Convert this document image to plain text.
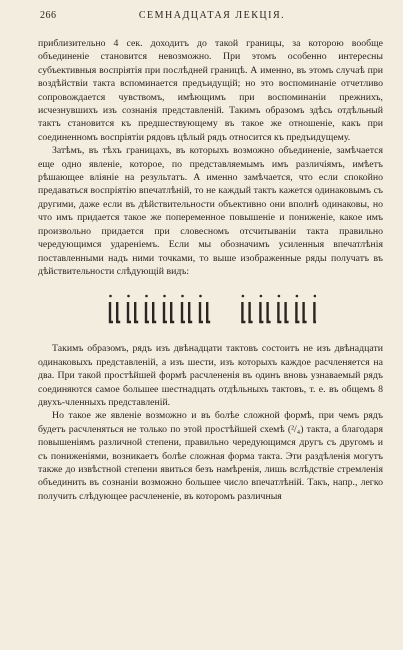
266	СЕМНАДЦАТАЯ ЛЕКЦІЯ.

приблизительно 4 сек. доходитъ до такой границы, за которою вообще объединеніе становится невозможно. При этомъ особенно интересны субъективныя воспріятія при послѣдней границѣ. А именно, въ этомъ случаѣ при воздѣйствіи такта вспоминается предъидущій; но это воспоминаніе отчетливо сопровождается чувствомъ, имѣющимъ при воспоминаніи прежнихъ, исчезнувшихъ изъ сознанія представленій. Такимъ образомъ здѣсь отдѣльный тактъ становится къ предшествующему въ такое же отношеніе, какъ при соединенномъ воспріятіи рядовъ цѣлый рядъ относится къ предъидущему.

Затѣмъ, въ тѣхъ границахъ, въ которыхъ возможно объединеніе, замѣчается еще одно явленіе, которое, по представляемымъ имъ различіямъ, имѣетъ рѣшающее вліяніе на результатъ. А именно замѣчается, что если спокойно предаваться воспріятію впечатлѣній, то не каждый тактъ кажется одинаковымъ съ другими, даже если въ дѣйствительности объективно они вполнѣ одинаковы, но что имъ придается такое же попеременное повышеніе и пониженіе, какое имъ произвольно придается при словесномъ отсчитываніи такта правильно чередующимся удареніемъ. Если мы обозначимъ усиленныя впечатлѣнія поставленными надъ ними точками, то выше изображенные ряды получатъ въ дѣйствительности слѣдующій видъ:

Такимъ образомъ, рядъ изъ двѣнадцати тактовъ состоитъ не изъ двѣнадцати одинаковыхъ представленій, а изъ шести, изъ которыхъ каждое расчленяется на два. При такой простѣйшей формѣ расчлененія въ одинъ вновь узнаваемый рядъ соединяются самое большее шестнадцать отдѣльныхъ тактовъ, т. е. въ общемъ 8 двухъ-членныхъ представленій.

Но такое же явленіе возможно и въ болѣе сложной формѣ, при чемъ рядъ будетъ расчленяться не только по этой простѣйшей схемѣ (²/₄) такта, а благодаря повышеніямъ различной степени, правильно чередующимся другъ съ другомъ и съ пониженіями, возникаетъ болѣе сложная форма такта. Эти раздѣленія могутъ также до извѣстной степени явиться безъ намѣренія, лишь вслѣдствіе стремленія объединить въ сознаніи возможно большее число впечатлѣній. Такъ, напр., легко получить слѣдующее расчлененіе, въ которомъ различныя
